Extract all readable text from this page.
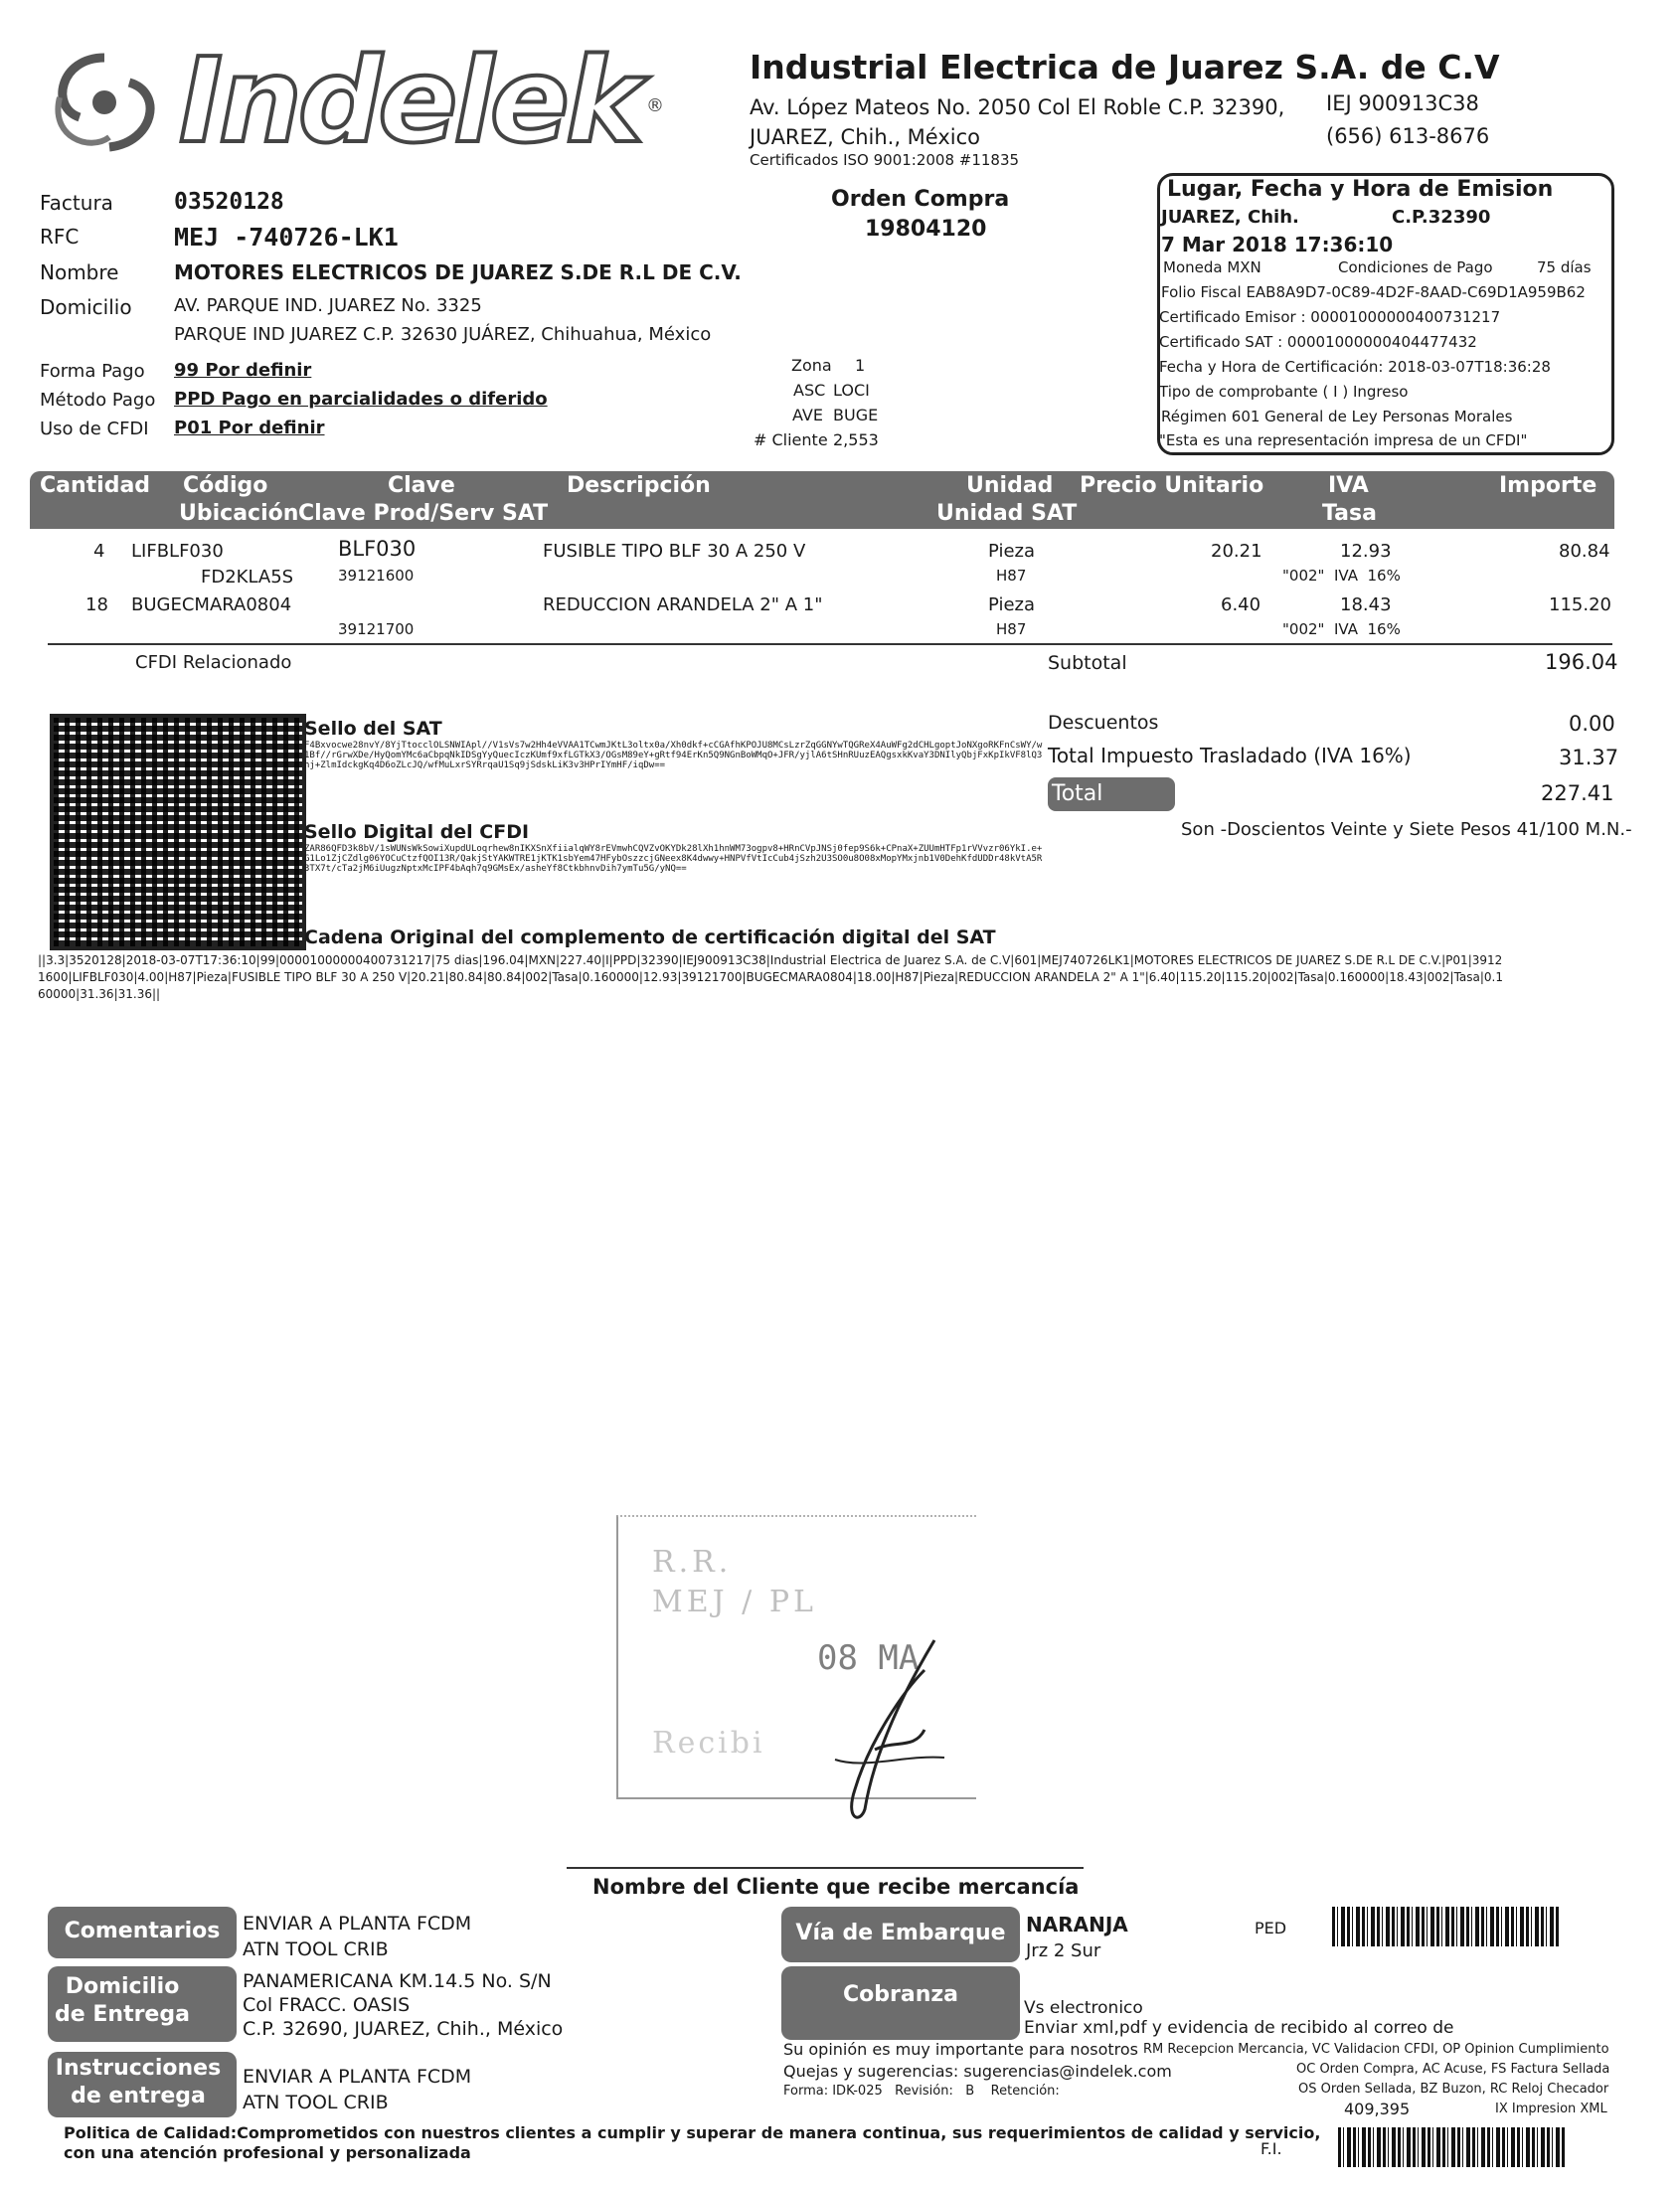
Indelek ®
Industrial Electrica de Juarez S.A. de C.V
Av. López Mateos No. 2050 Col El Roble C.P. 32390,
JUAREZ, Chih., México
Certificados ISO 9001:2008 #11835
IEJ 900913C38
(656) 613-8676
Factura	03520128
RFC	MEJ -740726-LK1
Nombre	MOTORES ELECTRICOS DE JUAREZ S.DE R.L DE C.V.
Domicilio AV. PARQUE IND. JUAREZ No. 3325
PARQUE IND JUAREZ C.P. 32630 JUÁREZ, Chihuahua, México
Forma Pago 99 Por definir
Método Pago PPD Pago en parcialidades o diferido
Uso de CFDI P01 Por definir
Orden Compra
19804120
Zona 1
ASC LOCI
AVE BUGE
# Cliente 2,553
Lugar, Fecha y Hora de Emision
JUAREZ, Chih.	C.P.32390
7 Mar 2018 17:36:10
Moneda MXN	Condiciones de Pago	75 días
Folio Fiscal EAB8A9D7-0C89-4D2F-8AAD-C69D1A959B62
Certificado Emisor : 00001000000400731217
Certificado SAT : 00001000000404477432
Fecha y Hora de Certificación: 2018-03-07T18:36:28
Tipo de comprobante ( I ) Ingreso
Régimen 601 General de Ley Personas Morales
"Esta es una representación impresa de un CFDI"
Cantidad Código	Clave	Descripción	Unidad Precio Unitario	IVA	Importe
Ubicación Clave Prod/Serv SAT	Unidad SAT	Tasa
4 LIFBLF030	BLF030	FUSIBLE TIPO BLF 30 A 250 V	Pieza	20.21	12.93	80.84
FD2KLA5S	39121600	H87	"002"  IVA  16%
18 BUGECMARA0804	REDUCCION ARANDELA 2" A 1"	Pieza	6.40	18.43	115.20
39121700	H87	"002"  IVA  16%
CFDI Relacionado	Subtotal	196.04
Descuentos	0.00
Total Impuesto Trasladado (IVA 16%)	31.37
Total	227.41
Son -Doscientos Veinte y Siete Pesos 41/100 M.N.-
Sello del SAT
F4Bxvocwe28nvY/8YjTtocclOLSNWIApl//V1sVs7w2Hh4eVVAA1TCwmJKtL3oltx0a/Xh0dkf+cCGAfhKPOJU8MCsLzrZqGGNYwTQGReX4AuWFg2dCHLgoptJoNXgoRKFnCsWY/w1Bf//rGrwXDe/HyQomYMc6aCbpqNkIDSgYyQuecIczKUmf9xfLGTkX3/OGsM89eY+gRtf94ErKn5Q9NGnBoWMqO+JFR/yjlA6tSHnRUuzEAQgsxkKvaY3DNIlyQbjFxKpIkVF8lQ3hj+ZlmIdckgKq4D6oZLcJQ/wfMuLxrSYRrqaU1Sq9jSdskLiK3v3HPrIYmHF/iqDw==
Sello Digital del CFDI
ZAR86QFD3k8bV/1sWUNsWkSowiXupdULoqrhew8nIKXSnXfiialqWY8rEVmwhCQVZvOKYDk28lXh1hnWM73ogpv8+HRnCVpJNSj0fep9S6k+CPnaX+ZUUmHTFp1rVVvzr06YkI.e+G1Lo1ZjCZdlg06YOCuCtzfQOI13R/QakjStYAKWTRE1jKTK1sbYem47HFybOszzcjGNeex8K4dwwy+HNPVfVtIcCub4jSzh2U3SO0u8O08xMopYMxjnb1V0DehKfdUDDr48kVtA5R3TX7t/cTa2jM6iUugzNptxMcIPF4bAqh7q9GMsEx/asheYf8CtkbhnvDih7ymTu5G/yNQ==
Cadena Original del complemento de certificación digital del SAT
||3.3|3520128|2018-03-07T17:36:10|99|00001000000400731217|75 dias|196.04|MXN|227.40|I|PPD|32390|IEJ900913C38|Industrial Electrica de Juarez S.A. de C.V|601|MEJ740726LK1|MOTORES ELECTRICOS DE JUAREZ S.DE R.L DE C.V.|P01|39121600|LIFBLF030|4.00|H87|Pieza|FUSIBLE TIPO BLF 30 A 250 V|20.21|80.84|80.84|002|Tasa|0.160000|12.93|39121700|BUGECMARA0804|18.00|H87|Pieza|REDUCCION ARANDELA 2" A 1"|6.40|115.20|115.20|002|Tasa|0.160000|18.43|002|Tasa|0.160000|31.36|31.36||
R.R.
MEJ / PL
08 MA
Recibi
Nombre del Cliente que recibe mercancía
Comentarios	ENVIAR A PLANTA FCDM
ATN TOOL CRIB
Domicilio
de Entrega
PANAMERICANA KM.14.5 No. S/N
Col FRACC. OASIS
C.P. 32690, JUAREZ, Chih., México
Instrucciones
de entrega
ENVIAR A PLANTA FCDM
ATN TOOL CRIB
Vía de Embarque	NARANJA
Jrz 2 Sur
PED
Cobranza
Vs electronico
Enviar xml,pdf y evidencia de recibido al correo de
Su opinión es muy importante para nosotros
Quejas y sugerencias: sugerencias@indelek.com
Forma: IDK-025   Revisión:   B    Retención:
RM Recepcion Mercancia, VC Validacion CFDI, OP Opinion Cumplimiento
OC Orden Compra, AC Acuse, FS Factura Sellada
OS Orden Sellada, BZ Buzon, RC Reloj Checador
409,395	IX Impresion XML
Politica de Calidad:Comprometidos con nuestros clientes a cumplir y superar de manera continua, sus requerimientos de calidad y servicio,
con una atención profesional y personalizada	F.I.
